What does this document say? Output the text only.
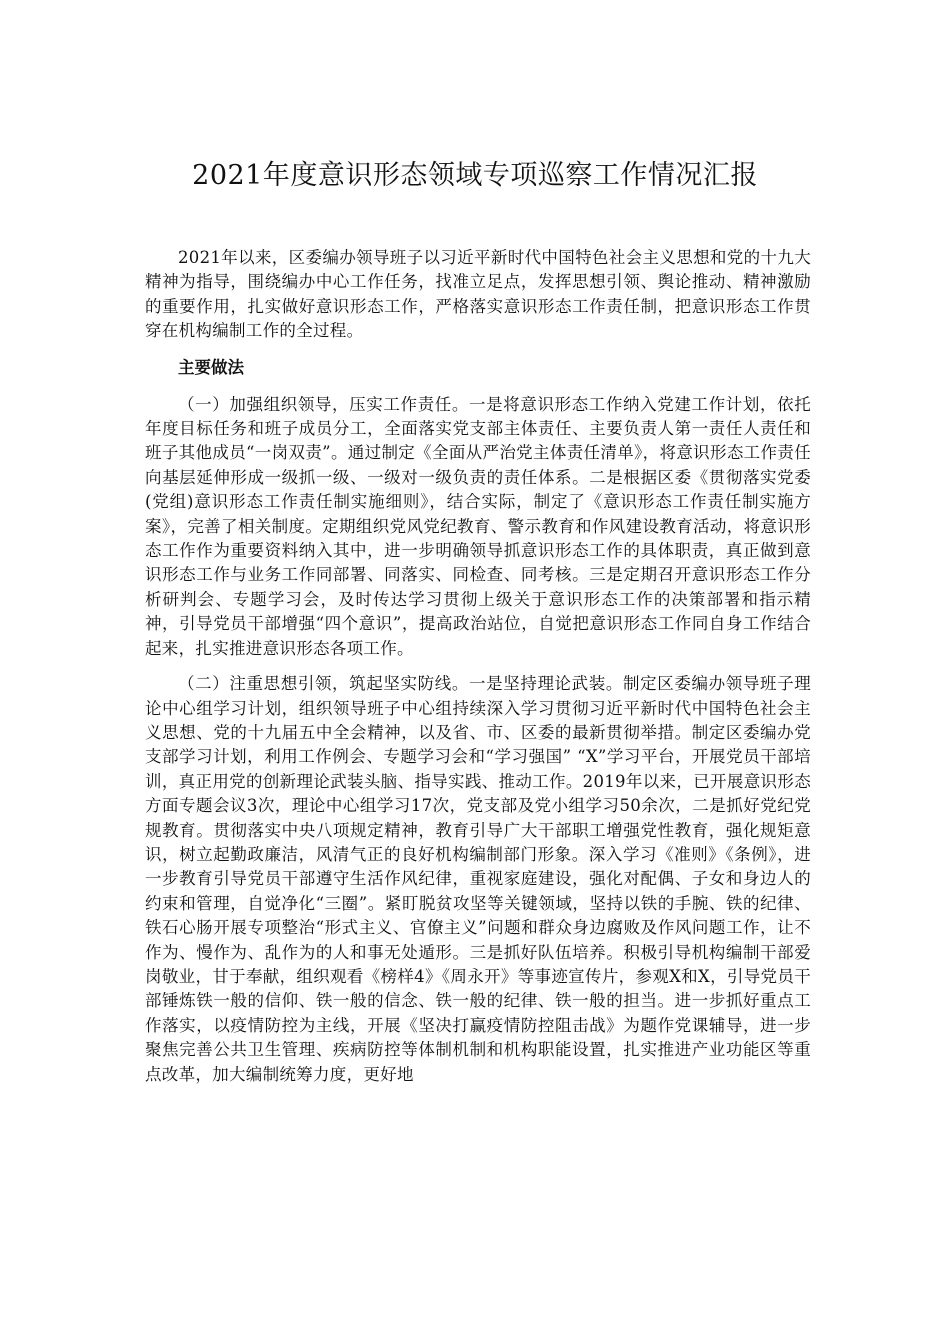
2021年度意识形态领域专项巡察工作情况汇报

2021年以来，区委编办领导班子以习近平新时代中国特色社会主义思想和党的十九大精神为指导，围绕编办中心工作任务，找准立足点，发挥思想引领、舆论推动、精神激励的重要作用，扎实做好意识形态工作，严格落实意识形态工作责任制，把意识形态工作贯穿在机构编制工作的全过程。

主要做法

（一）加强组织领导，压实工作责任。一是将意识形态工作纳入党建工作计划，依托年度目标任务和班子成员分工，全面落实党支部主体责任、主要负责人第一责任人责任和班子其他成员“一岗双责”。通过制定《全面从严治党主体责任清单》，将意识形态工作责任向基层延伸形成一级抓一级、一级对一级负责的责任体系。二是根据区委《贯彻落实党委(党组)意识形态工作责任制实施细则》，结合实际，制定了《意识形态工作责任制实施方案》，完善了相关制度。定期组织党风党纪教育、警示教育和作风建设教育活动，将意识形态工作作为重要资料纳入其中，进一步明确领导抓意识形态工作的具体职责，真正做到意识形态工作与业务工作同部署、同落实、同检查、同考核。三是定期召开意识形态工作分析研判会、专题学习会，及时传达学习贯彻上级关于意识形态工作的决策部署和指示精神，引导党员干部增强“四个意识”，提高政治站位，自觉把意识形态工作同自身工作结合起来，扎实推进意识形态各项工作。

（二）注重思想引领，筑起坚实防线。一是坚持理论武装。制定区委编办领导班子理论中心组学习计划，组织领导班子中心组持续深入学习贯彻习近平新时代中国特色社会主义思想、党的十九届五中全会精神，以及省、市、区委的最新贯彻举措。制定区委编办党支部学习计划，利用工作例会、专题学习会和“学习强国” “X”学习平台，开展党员干部培训，真正用党的创新理论武装头脑、指导实践、推动工作。2019年以来，已开展意识形态方面专题会议3次，理论中心组学习17次，党支部及党小组学习50余次，二是抓好党纪党规教育。贯彻落实中央八项规定精神，教育引导广大干部职工增强党性教育，强化规矩意识，树立起勤政廉洁，风清气正的良好机构编制部门形象。深入学习《准则》《条例》，进一步教育引导党员干部遵守生活作风纪律，重视家庭建设，强化对配偶、子女和身边人的约束和管理，自觉净化“三圈”。紧盯脱贫攻坚等关键领域，坚持以铁的手腕、铁的纪律、铁石心肠开展专项整治“形式主义、官僚主义”问题和群众身边腐败及作风问题工作，让不作为、慢作为、乱作为的人和事无处遁形。三是抓好队伍培养。积极引导机构编制干部爱岗敬业，甘于奉献，组织观看《榜样4》《周永开》等事迹宣传片，参观X和X，引导党员干部锤炼铁一般的信仰、铁一般的信念、铁一般的纪律、铁一般的担当。进一步抓好重点工作落实，以疫情防控为主线，开展《坚决打赢疫情防控阻击战》为题作党课辅导，进一步聚焦完善公共卫生管理、疾病防控等体制机制和机构职能设置，扎实推进产业功能区等重点改革，加大编制统筹力度，更好地
